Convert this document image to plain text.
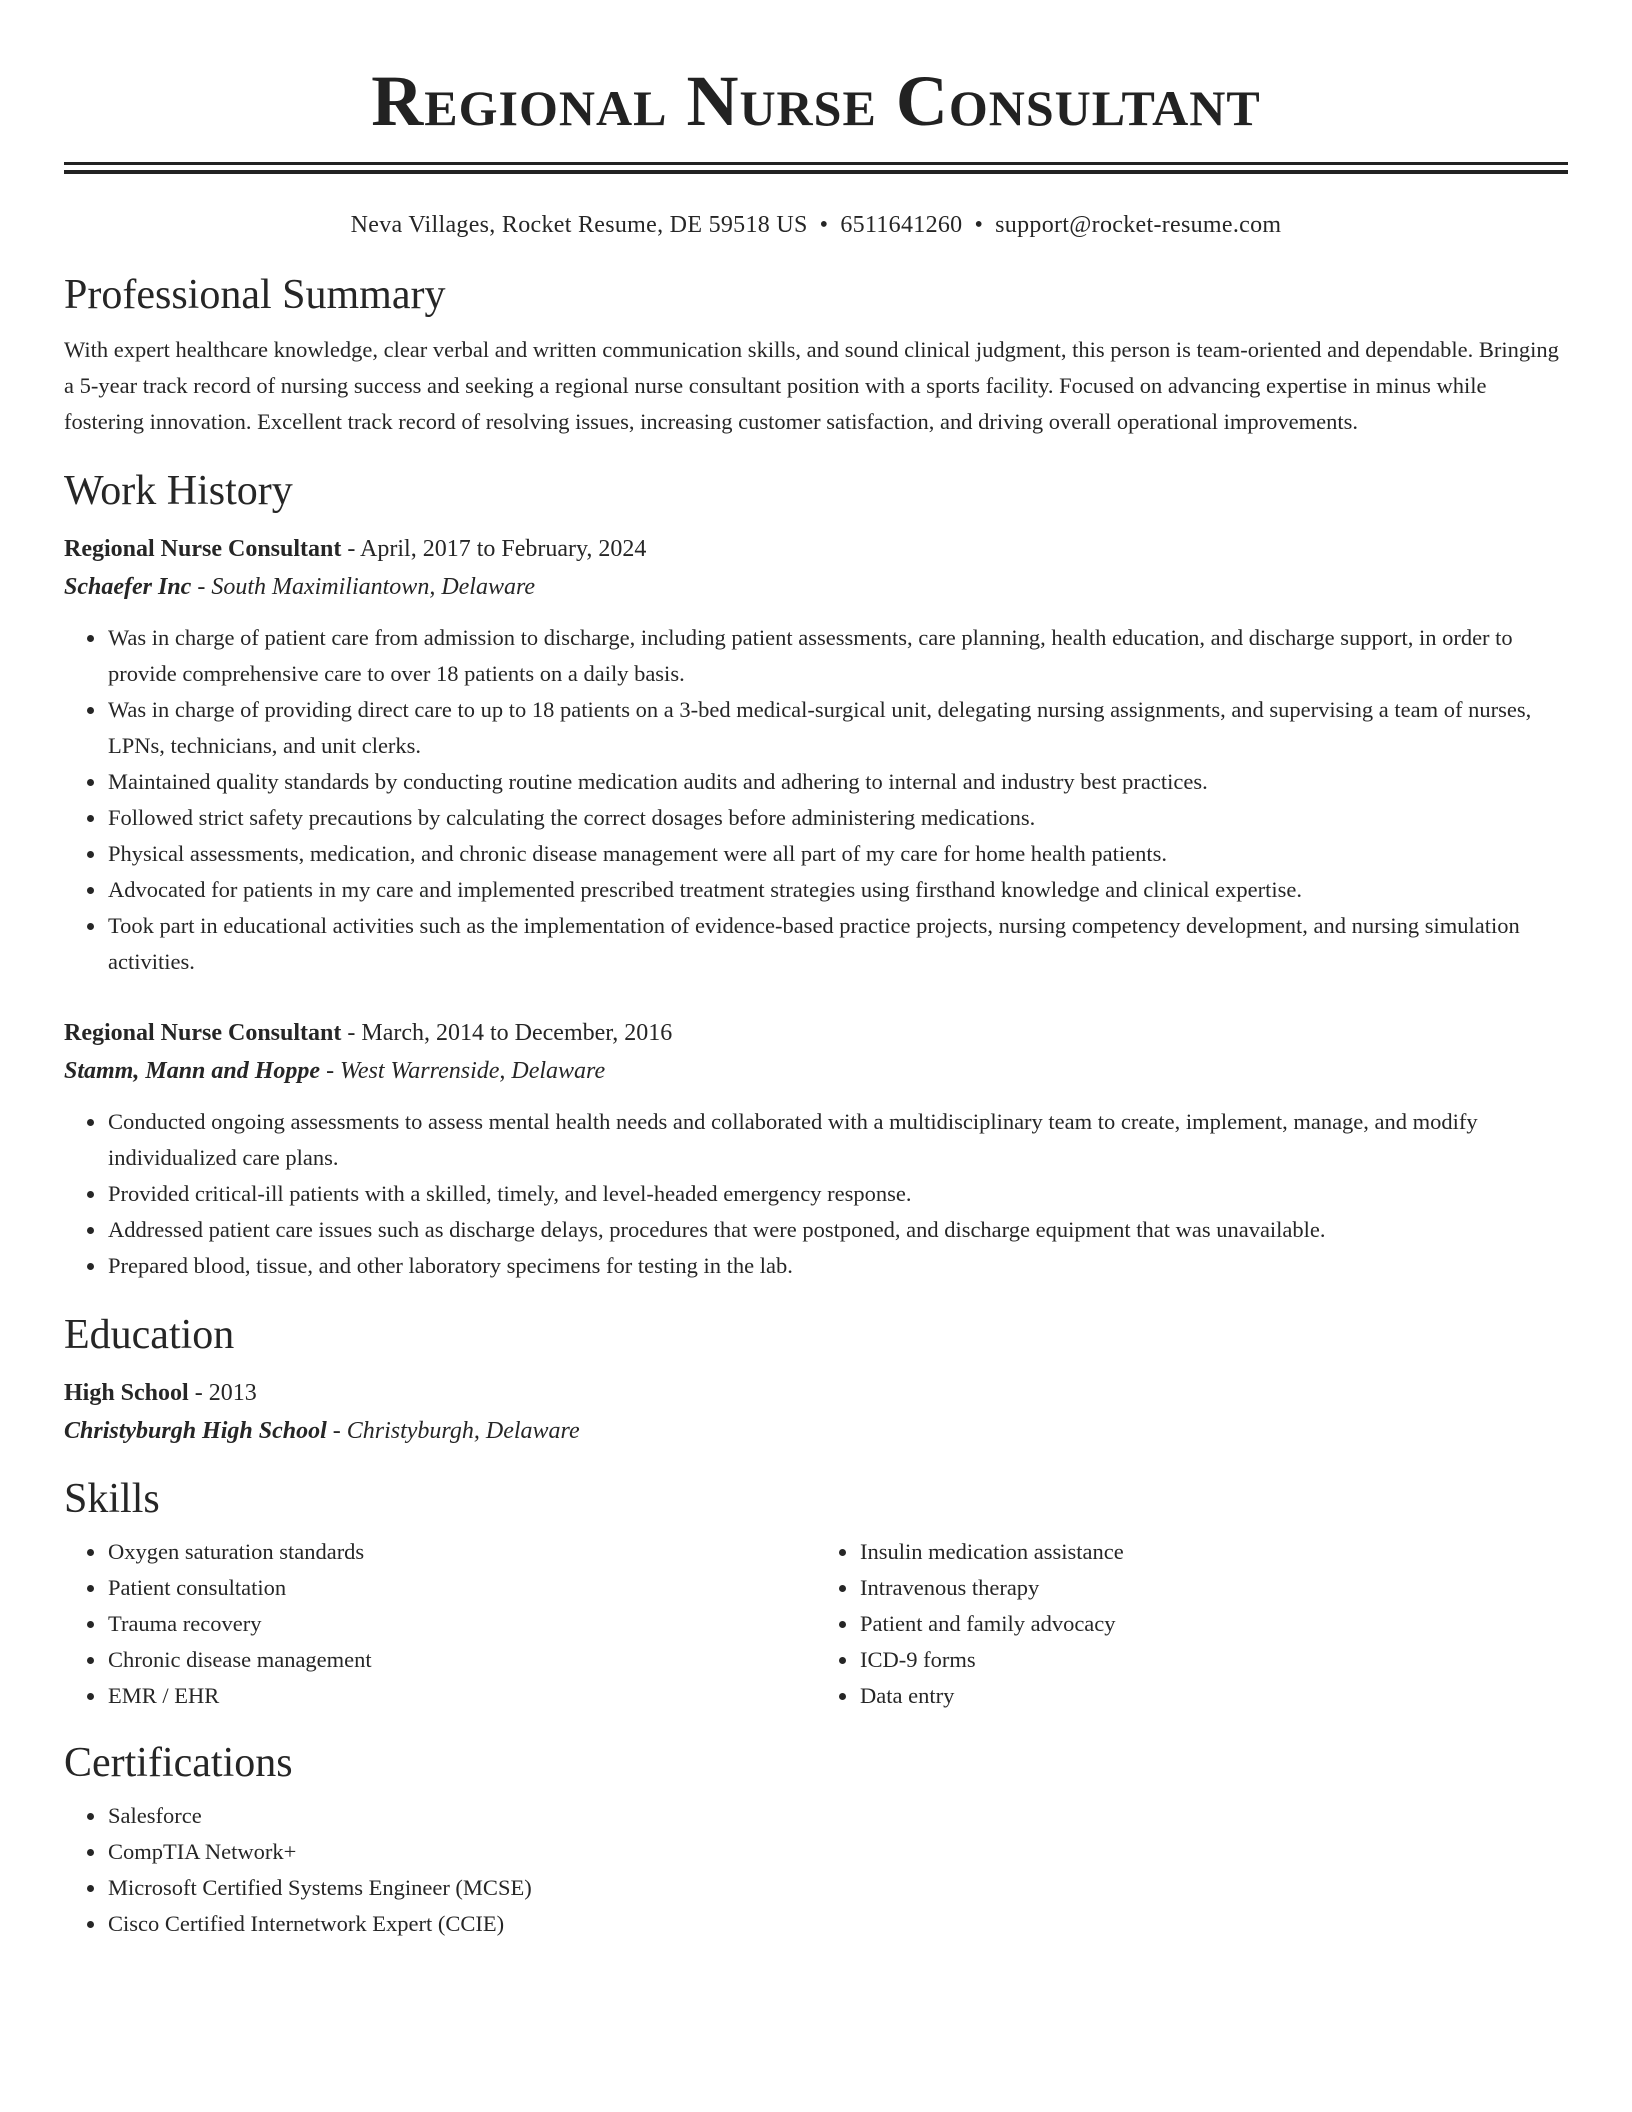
Regional Nurse Consultant
Neva Villages, Rocket Resume, DE 59518 US • 6511641260 • support@rocket-resume.com
Professional Summary

With expert healthcare knowledge, clear verbal and written communication skills, and sound clinical judgment, this person is team-oriented and dependable. Bringing a 5-year track record of nursing success and seeking a regional nurse consultant position with a sports facility. Focused on advancing expertise in minus while fostering innovation. Excellent track record of resolving issues, increasing customer satisfaction, and driving overall operational improvements.

Work History
Regional Nurse Consultant - April, 2017 to February, 2024
Schaefer Inc - South Maximiliantown, Delaware
• Was in charge of patient care from admission to discharge, including patient assessments, care planning, health education, and discharge support, in order to provide comprehensive care to over 18 patients on a daily basis.
• Was in charge of providing direct care to up to 18 patients on a 3-bed medical-surgical unit, delegating nursing assignments, and supervising a team of nurses, LPNs, technicians, and unit clerks.
• Maintained quality standards by conducting routine medication audits and adhering to internal and industry best practices.
• Followed strict safety precautions by calculating the correct dosages before administering medications.
• Physical assessments, medication, and chronic disease management were all part of my care for home health patients.
• Advocated for patients in my care and implemented prescribed treatment strategies using firsthand knowledge and clinical expertise.
• Took part in educational activities such as the implementation of evidence-based practice projects, nursing competency development, and nursing simulation activities.
Regional Nurse Consultant - March, 2014 to December, 2016
Stamm, Mann and Hoppe - West Warrenside, Delaware
• Conducted ongoing assessments to assess mental health needs and collaborated with a multidisciplinary team to create, implement, manage, and modify individualized care plans.
• Provided critical-ill patients with a skilled, timely, and level-headed emergency response.
• Addressed patient care issues such as discharge delays, procedures that were postponed, and discharge equipment that was unavailable.
• Prepared blood, tissue, and other laboratory specimens for testing in the lab.
Education
High School - 2013
Christyburgh High School - Christyburgh, Delaware
Skills
• Oxygen saturation standards
• Patient consultation
• Trauma recovery
• Chronic disease management
• EMR / EHR
• Insulin medication assistance
• Intravenous therapy
• Patient and family advocacy
• ICD-9 forms
• Data entry
Certifications
• Salesforce
• CompTIA Network+
• Microsoft Certified Systems Engineer (MCSE)
• Cisco Certified Internetwork Expert (CCIE)
